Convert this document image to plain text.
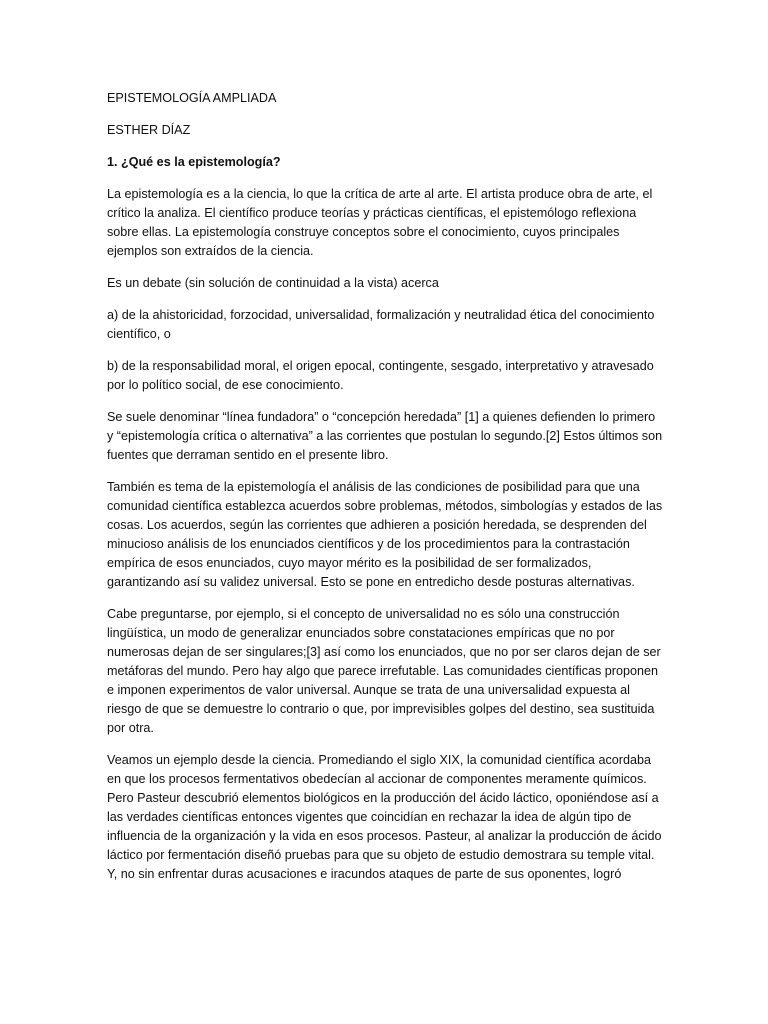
EPISTEMOLOGÍA AMPLIADA
ESTHER DÍAZ
1. ¿Qué es la epistemología?
La epistemología es a la ciencia, lo que la crítica de arte al arte. El artista produce obra de arte, el crítico la analiza. El científico produce teorías y prácticas científicas, el epistemólogo reflexiona sobre ellas. La epistemología construye conceptos sobre el conocimiento, cuyos principales ejemplos son extraídos de la ciencia.
Es un debate (sin solución de continuidad a la vista) acerca
a) de la ahistoricidad, forzocidad, universalidad, formalización y neutralidad ética del conocimiento científico, o
b) de la responsabilidad moral, el origen epocal, contingente, sesgado, interpretativo y atravesado por lo político social, de ese conocimiento.
Se suele denominar “línea fundadora” o “concepción heredada” [1] a quienes defienden lo primero y “epistemología crítica o alternativa” a las corrientes que postulan lo segundo.[2] Estos últimos son fuentes que derraman sentido en el presente libro.
También es tema de la epistemología el análisis de las condiciones de posibilidad para que una comunidad científica establezca acuerdos sobre problemas, métodos, simbologías y estados de las cosas. Los acuerdos, según las corrientes que adhieren a posición heredada, se desprenden del minucioso análisis de los enunciados científicos y de los procedimientos para la contrastación empírica de esos enunciados, cuyo mayor mérito es la posibilidad de ser formalizados, garantizando así su validez universal. Esto se pone en entredicho desde posturas alternativas.
Cabe preguntarse, por ejemplo, si el concepto de universalidad no es sólo una construcción lingüística, un modo de generalizar enunciados sobre constataciones empíricas que no por numerosas dejan de ser singulares;[3] así como los enunciados, que no por ser claros dejan de ser metáforas del mundo. Pero hay algo que parece irrefutable. Las comunidades científicas proponen e imponen experimentos de valor universal. Aunque se trata de una universalidad expuesta al riesgo de que se demuestre lo contrario o que, por imprevisibles golpes del destino, sea sustituida por otra.
Veamos un ejemplo desde la ciencia. Promediando el siglo XIX, la comunidad científica acordaba en que los procesos fermentativos obedecían al accionar de componentes meramente químicos. Pero Pasteur descubrió elementos biológicos en la producción del ácido láctico, oponiéndose así a las verdades científicas entonces vigentes que coincidían en rechazar la idea de algún tipo de influencia de la organización y la vida en esos procesos. Pasteur, al analizar la producción de ácido láctico por fermentación diseñó pruebas para que su objeto de estudio demostrara su temple vital. Y, no sin enfrentar duras acusaciones e iracundos ataques de parte de sus oponentes, logró
